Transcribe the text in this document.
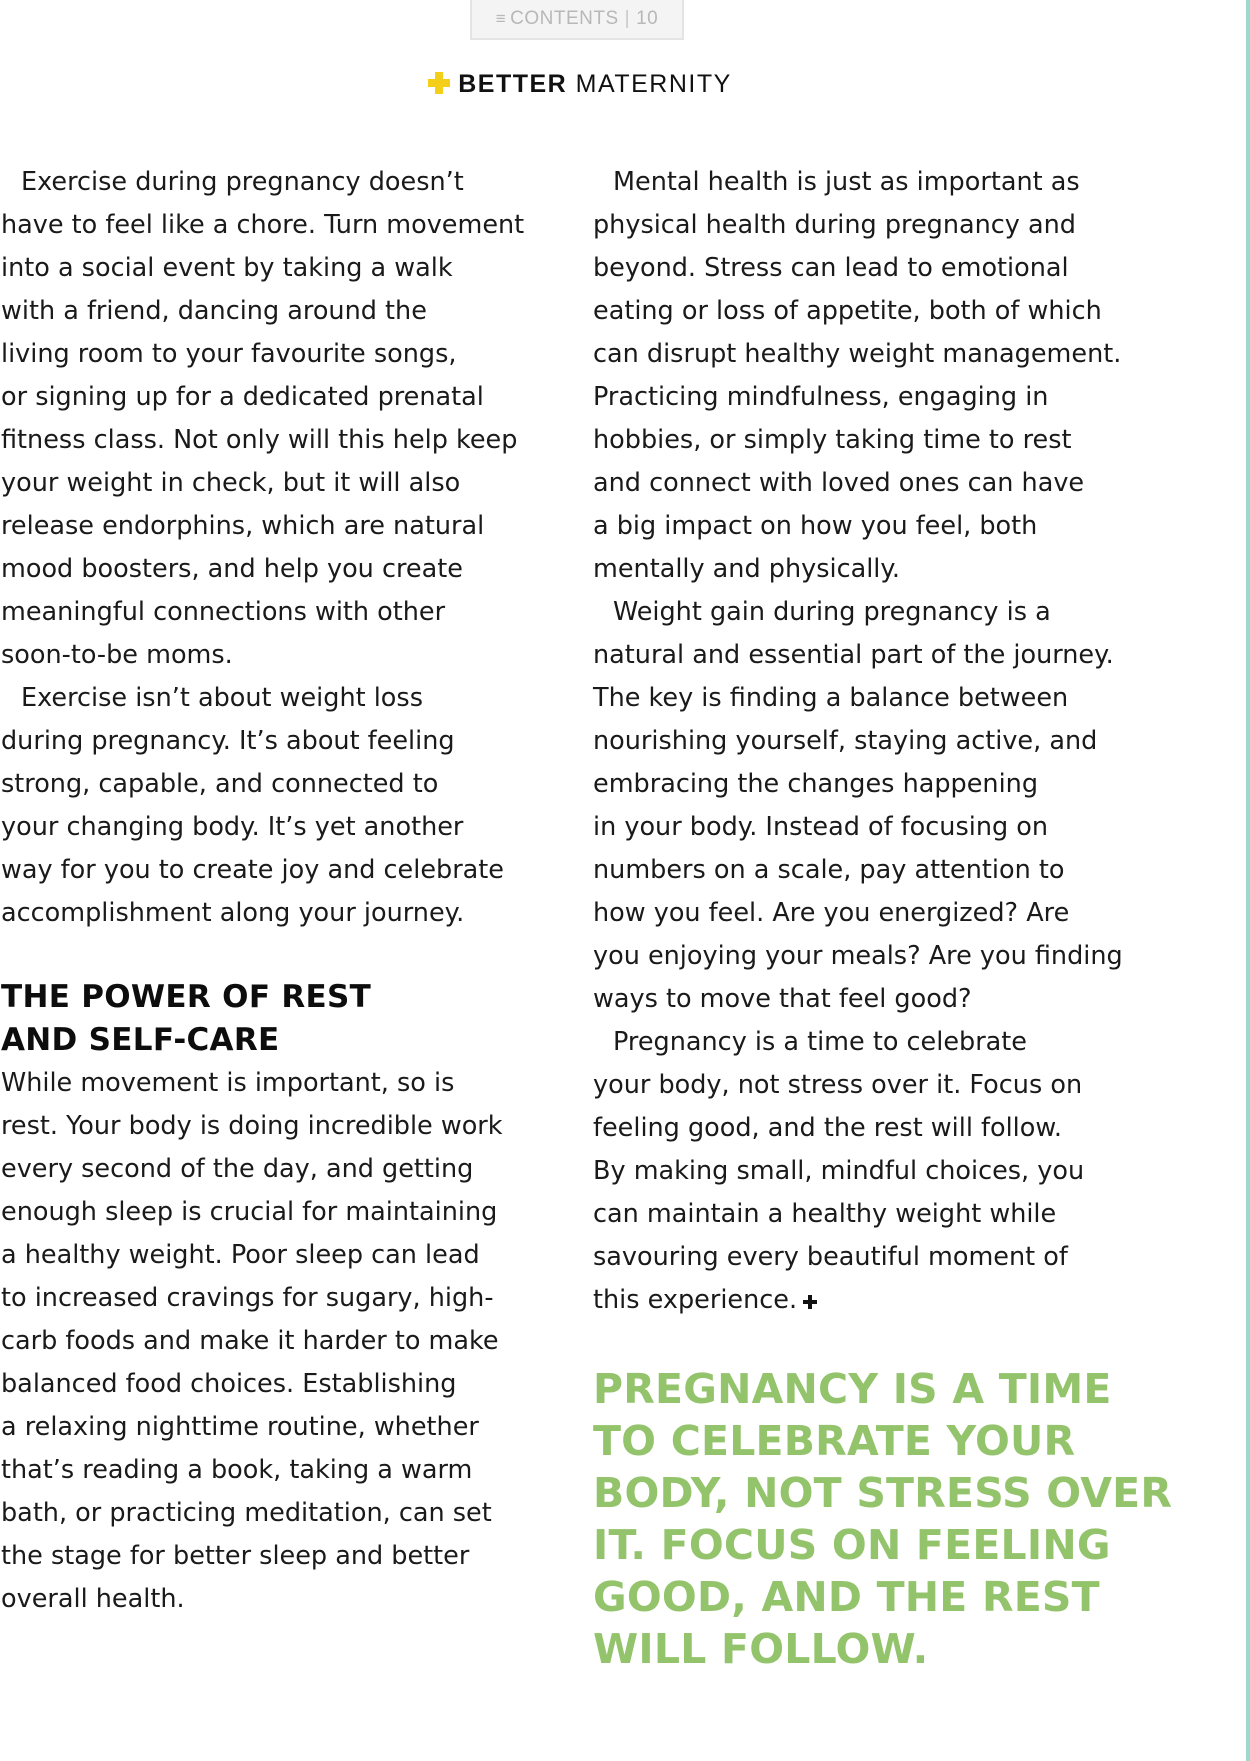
≡ CONTENTS | 10
BETTER MATERNITY
Exercise during pregnancy doesn’t
have to feel like a chore. Turn movement
into a social event by taking a walk
with a friend, dancing around the
living room to your favourite songs,
or signing up for a dedicated prenatal
fitness class. Not only will this help keep
your weight in check, but it will also
release endorphins, which are natural
mood boosters, and help you create
meaningful connections with other
soon-to-be moms.
Exercise isn’t about weight loss
during pregnancy. It’s about feeling
strong, capable, and connected to
your changing body. It’s yet another
way for you to create joy and celebrate
accomplishment along your journey.
THE POWER OF REST
AND SELF-CARE
While movement is important, so is
rest. Your body is doing incredible work
every second of the day, and getting
enough sleep is crucial for maintaining
a healthy weight. Poor sleep can lead
to increased cravings for sugary, high-
carb foods and make it harder to make
balanced food choices. Establishing
a relaxing nighttime routine, whether
that’s reading a book, taking a warm
bath, or practicing meditation, can set
the stage for better sleep and better
overall health.
Mental health is just as important as
physical health during pregnancy and
beyond. Stress can lead to emotional
eating or loss of appetite, both of which
can disrupt healthy weight management.
Practicing mindfulness, engaging in
hobbies, or simply taking time to rest
and connect with loved ones can have
a big impact on how you feel, both
mentally and physically.
Weight gain during pregnancy is a
natural and essential part of the journey.
The key is finding a balance between
nourishing yourself, staying active, and
embracing the changes happening
in your body. Instead of focusing on
numbers on a scale, pay attention to
how you feel. Are you energized? Are
you enjoying your meals? Are you finding
ways to move that feel good?
Pregnancy is a time to celebrate
your body, not stress over it. Focus on
feeling good, and the rest will follow.
By making small, mindful choices, you
can maintain a healthy weight while
savouring every beautiful moment of
this experience.
PREGNANCY IS A TIME
TO CELEBRATE YOUR
BODY, NOT STRESS OVER
IT. FOCUS ON FEELING
GOOD, AND THE REST
WILL FOLLOW.
